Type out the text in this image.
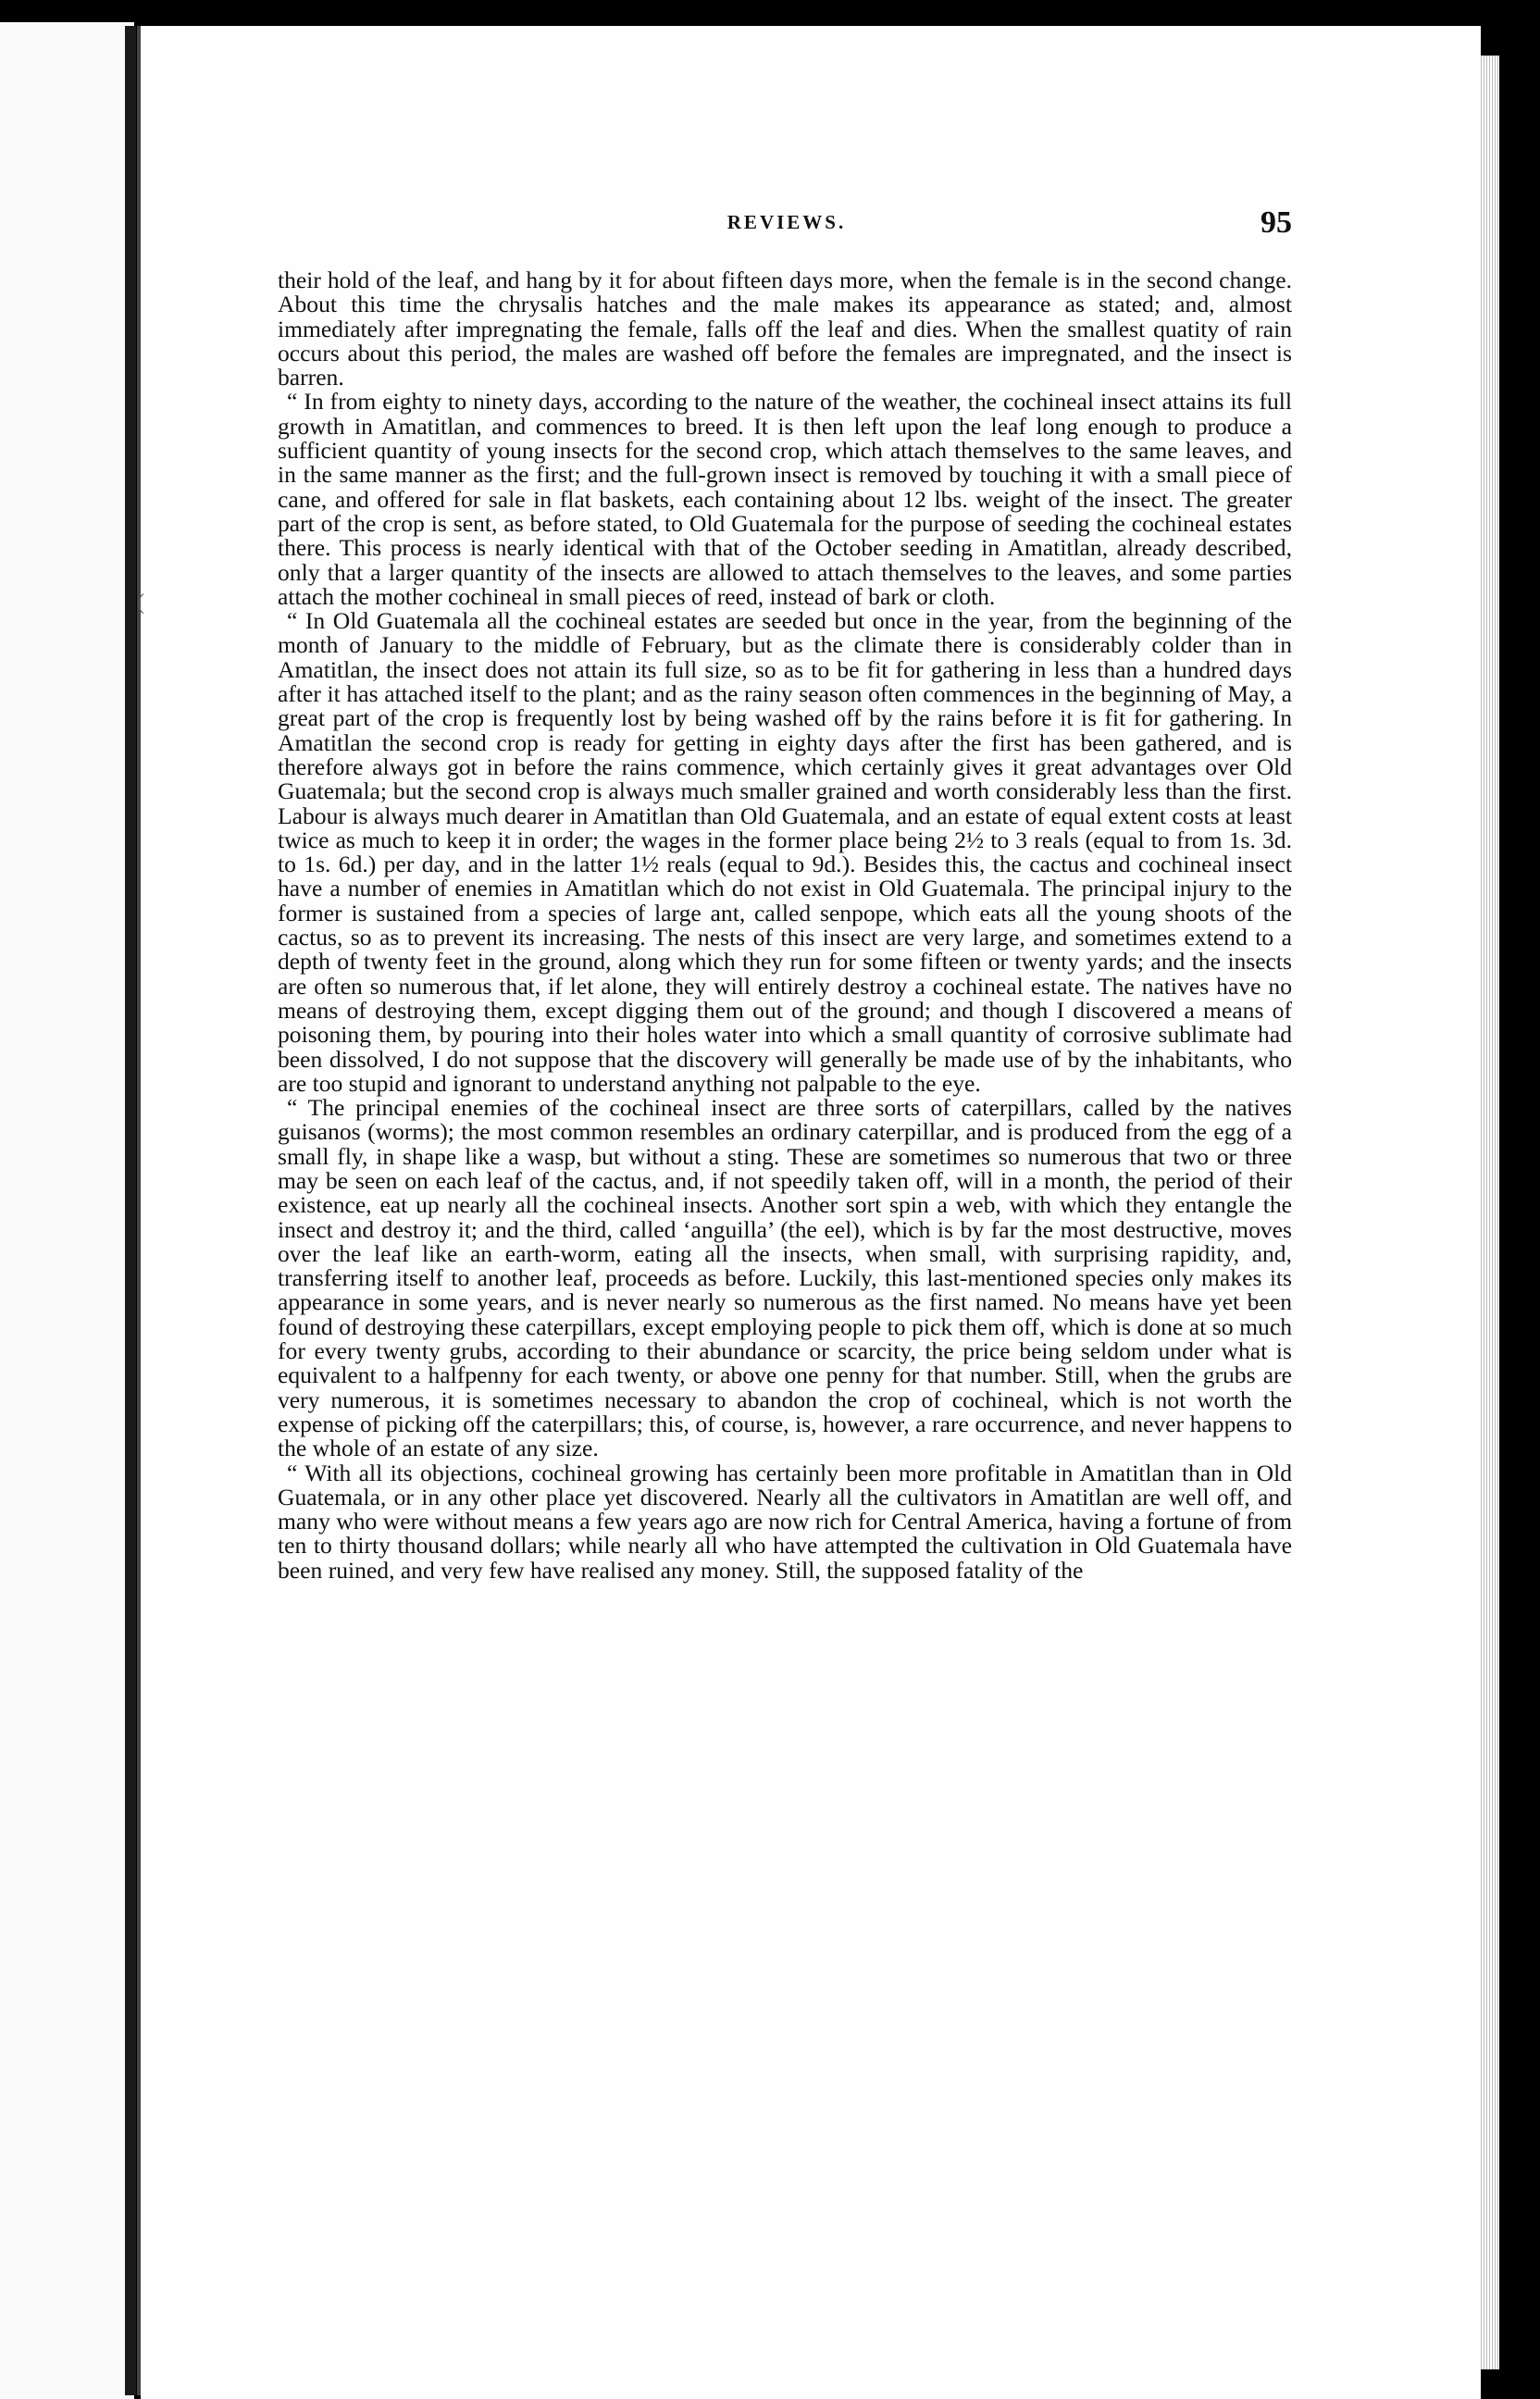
(
REVIEWS.	95

their hold of the leaf, and hang by it for about fifteen days more, when the female is in the second change. About this time the chrysalis hatches and the male makes its appearance as stated; and, almost immediately after impregnating the female, falls off the leaf and dies. When the smallest quatity of rain occurs about this period, the males are washed off before the females are impregnated, and the insect is barren.

“ In from eighty to ninety days, according to the nature of the weather, the cochineal insect attains its full growth in Amatitlan, and commences to breed. It is then left upon the leaf long enough to produce a sufficient quantity of young insects for the second crop, which attach themselves to the same leaves, and in the same manner as the first; and the full-grown insect is removed by touching it with a small piece of cane, and offered for sale in flat baskets, each containing about 12 lbs. weight of the insect. The greater part of the crop is sent, as before stated, to Old Guatemala for the purpose of seeding the cochineal estates there. This process is nearly identical with that of the October seeding in Amatitlan, already described, only that a larger quantity of the insects are allowed to attach themselves to the leaves, and some parties attach the mother cochineal in small pieces of reed, instead of bark or cloth.

“ In Old Guatemala all the cochineal estates are seeded but once in the year, from the beginning of the month of January to the middle of February, but as the climate there is considerably colder than in Amatitlan, the insect does not attain its full size, so as to be fit for gathering in less than a hundred days after it has attached itself to the plant; and as the rainy season often commences in the beginning of May, a great part of the crop is frequently lost by being washed off by the rains before it is fit for gathering. In Amatitlan the second crop is ready for getting in eighty days after the first has been gathered, and is therefore always got in before the rains commence, which certainly gives it great advantages over Old Guatemala; but the second crop is always much smaller grained and worth considerably less than the first. Labour is always much dearer in Amatitlan than Old Guatemala, and an estate of equal extent costs at least twice as much to keep it in order; the wages in the former place being 2½ to 3 reals (equal to from 1s. 3d. to 1s. 6d.) per day, and in the latter 1½ reals (equal to 9d.). Besides this, the cactus and cochineal insect have a number of enemies in Amatitlan which do not exist in Old Guatemala. The principal injury to the former is sustained from a species of large ant, called senpope, which eats all the young shoots of the cactus, so as to prevent its increasing. The nests of this insect are very large, and sometimes extend to a depth of twenty feet in the ground, along which they run for some fifteen or twenty yards; and the insects are often so numerous that, if let alone, they will entirely destroy a cochineal estate. The natives have no means of destroying them, except digging them out of the ground; and though I discovered a means of poisoning them, by pouring into their holes water into which a small quantity of corrosive sublimate had been dissolved, I do not suppose that the discovery will generally be made use of by the inhabitants, who are too stupid and ignorant to understand anything not palpable to the eye.

“ The principal enemies of the cochineal insect are three sorts of caterpillars, called by the natives guisanos (worms); the most common resembles an ordinary caterpillar, and is produced from the egg of a small fly, in shape like a wasp, but without a sting. These are sometimes so numerous that two or three may be seen on each leaf of the cactus, and, if not speedily taken off, will in a month, the period of their existence, eat up nearly all the cochineal insects. Another sort spin a web, with which they entangle the insect and destroy it; and the third, called ‘anguilla’ (the eel), which is by far the most destructive, moves over the leaf like an earth-worm, eating all the insects, when small, with surprising rapidity, and, transferring itself to another leaf, proceeds as before. Luckily, this last-mentioned species only makes its appearance in some years, and is never nearly so numerous as the first named. No means have yet been found of destroying these caterpillars, except employing people to pick them off, which is done at so much for every twenty grubs, according to their abundance or scarcity, the price being seldom under what is equivalent to a halfpenny for each twenty, or above one penny for that number. Still, when the grubs are very numerous, it is sometimes necessary to abandon the crop of cochineal, which is not worth the expense of picking off the caterpillars; this, of course, is, however, a rare occurrence, and never happens to the whole of an estate of any size.

“ With all its objections, cochineal growing has certainly been more profitable in Amatitlan than in Old Guatemala, or in any other place yet discovered. Nearly all the cultivators in Amatitlan are well off, and many who were without means a few years ago are now rich for Central America, having a fortune of from ten to thirty thousand dollars; while nearly all who have attempted the cultivation in Old Guatemala have been ruined, and very few have realised any money. Still, the supposed fatality of the
